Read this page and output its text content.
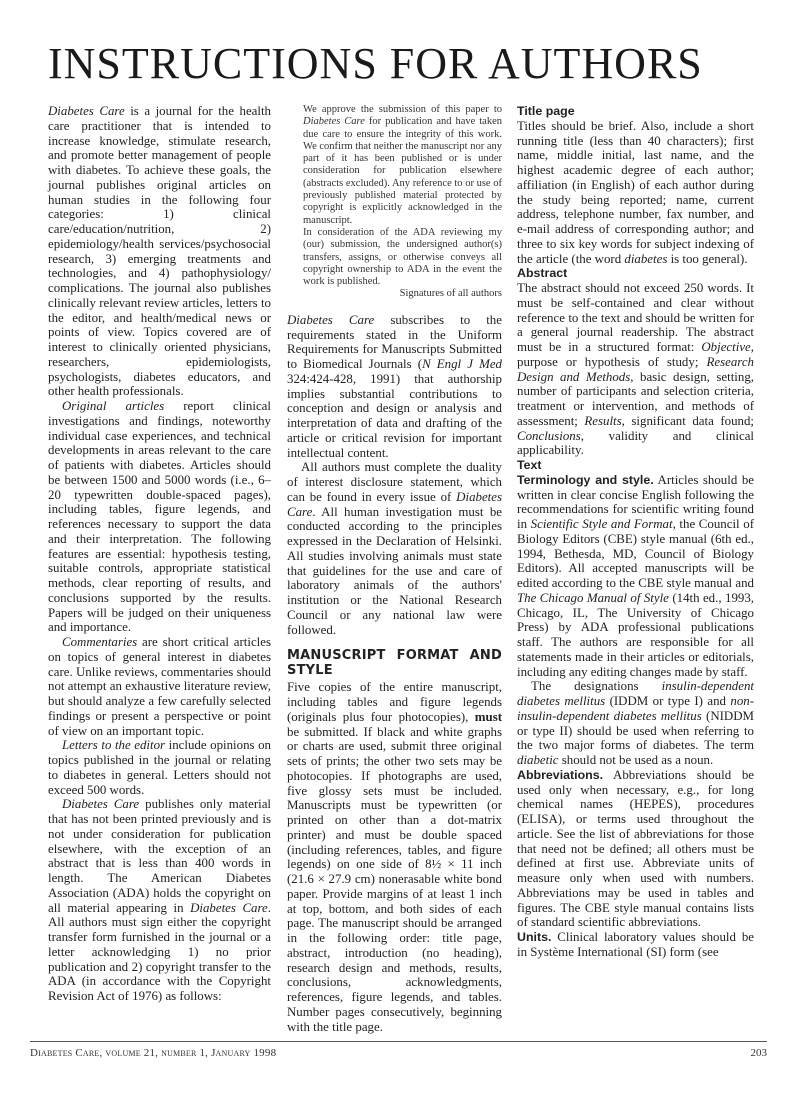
INSTRUCTIONS FOR AUTHORS

Diabetes Care is a journal for the health care practitioner that is intended to increase knowledge, stimulate research, and promote better management of people with diabetes. To achieve these goals, the journal publishes original articles on human studies in the following four categories: 1) clinical care/education/nutrition, 2) epidemiology/health services/psychosocial research, 3) emerging treatments and technologies, and 4) pathophysiology/ complications. The journal also publishes clinically relevant review articles, letters to the editor, and health/medical news or points of view. Topics covered are of interest to clinically oriented physicians, researchers, epidemiologists, psychologists, diabetes educators, and other health professionals.

Original articles report clinical investigations and findings, noteworthy individual case experiences, and technical developments in areas relevant to the care of patients with diabetes. Articles should be between 1500 and 5000 words (i.e., 6–20 typewritten double-spaced pages), including tables, figure legends, and references necessary to support the data and their interpretation. The following features are essential: hypothesis testing, suitable controls, appropriate statistical methods, clear reporting of results, and conclusions supported by the results. Papers will be judged on their uniqueness and importance.

Commentaries are short critical articles on topics of general interest in diabetes care. Unlike reviews, commentaries should not attempt an exhaustive literature review, but should analyze a few carefully selected findings or present a perspective or point of view on an important topic.

Letters to the editor include opinions on topics published in the journal or relating to diabetes in general. Letters should not exceed 500 words.

Diabetes Care publishes only material that has not been printed previously and is not under consideration for publication elsewhere, with the exception of an abstract that is less than 400 words in length. The American Diabetes Association (ADA) holds the copyright on all material appearing in Diabetes Care. All authors must sign either the copyright transfer form furnished in the journal or a letter acknowledging 1) no prior publication and 2) copyright transfer to the ADA (in accordance with the Copyright Revision Act of 1976) as follows:

We approve the submission of this paper to Diabetes Care for publication and have taken due care to ensure the integrity of this work. We confirm that neither the manuscript nor any part of it has been published or is under consideration for publication elsewhere (abstracts excluded). Any reference to or use of previously published material protected by copyright is explicitly acknowledged in the manuscript.

In consideration of the ADA reviewing my (our) submission, the undersigned author(s) transfers, assigns, or otherwise conveys all copyright ownership to ADA in the event the work is published.

Signatures of all authors

Diabetes Care subscribes to the requirements stated in the Uniform Requirements for Manuscripts Submitted to Biomedical Journals (N Engl J Med 324:424-428, 1991) that authorship implies substantial contributions to conception and design or analysis and interpretation of data and drafting of the article or critical revision for important intellectual content.

All authors must complete the duality of interest disclosure statement, which can be found in every issue of Diabetes Care. All human investigation must be conducted according to the principles expressed in the Declaration of Helsinki. All studies involving animals must state that guidelines for the use and care of laboratory animals of the authors' institution or the National Research Council or any national law were followed.

MANUSCRIPT FORMAT AND STYLE

Five copies of the entire manuscript, including tables and figure legends (originals plus four photocopies), must be submitted. If black and white graphs or charts are used, submit three original sets of prints; the other two sets may be photocopies. If photographs are used, five glossy sets must be included. Manuscripts must be typewritten (or printed on other than a dot-matrix printer) and must be double spaced (including references, tables, and figure legends) on one side of 8½ × 11 inch (21.6 × 27.9 cm) nonerasable white bond paper. Provide margins of at least 1 inch at top, bottom, and both sides of each page. The manuscript should be arranged in the following order: title page, abstract, introduction (no heading), research design and methods, results, conclusions, acknowledgments, references, figure legends, and tables. Number pages consecutively, beginning with the title page.

Title page

Titles should be brief. Also, include a short running title (less than 40 characters); first name, middle initial, last name, and the highest academic degree of each author; affiliation (in English) of each author during the study being reported; name, current address, telephone number, fax number, and e-mail address of corresponding author; and three to six key words for subject indexing of the article (the word diabetes is too general).

Abstract

The abstract should not exceed 250 words. It must be self-contained and clear without reference to the text and should be written for a general journal readership. The abstract must be in a structured format: Objective, purpose or hypothesis of study; Research Design and Methods, basic design, setting, number of participants and selection criteria, treatment or intervention, and methods of assessment; Results, significant data found; Conclusions, validity and clinical applicability.

Text

Terminology and style. Articles should be written in clear concise English following the recommendations for scientific writing found in Scientific Style and Format, the Council of Biology Editors (CBE) style manual (6th ed., 1994, Bethesda, MD, Council of Biology Editors). All accepted manuscripts will be edited according to the CBE style manual and The Chicago Manual of Style (14th ed., 1993, Chicago, IL, The University of Chicago Press) by ADA professional publications staff. The authors are responsible for all statements made in their articles or editorials, including any editing changes made by staff.

The designations insulin-dependent diabetes mellitus (IDDM or type I) and non-insulin-dependent diabetes mellitus (NIDDM or type II) should be used when referring to the two major forms of diabetes. The term diabetic should not be used as a noun.

Abbreviations. Abbreviations should be used only when necessary, e.g., for long chemical names (HEPES), procedures (ELISA), or terms used throughout the article. See the list of abbreviations for those that need not be defined; all others must be defined at first use. Abbreviate units of measure only when used with numbers. Abbreviations may be used in tables and figures. The CBE style manual contains lists of standard scientific abbreviations.

Units. Clinical laboratory values should be in Système International (SI) form (see

Diabetes Care, volume 21, number 1, January 1998	203
